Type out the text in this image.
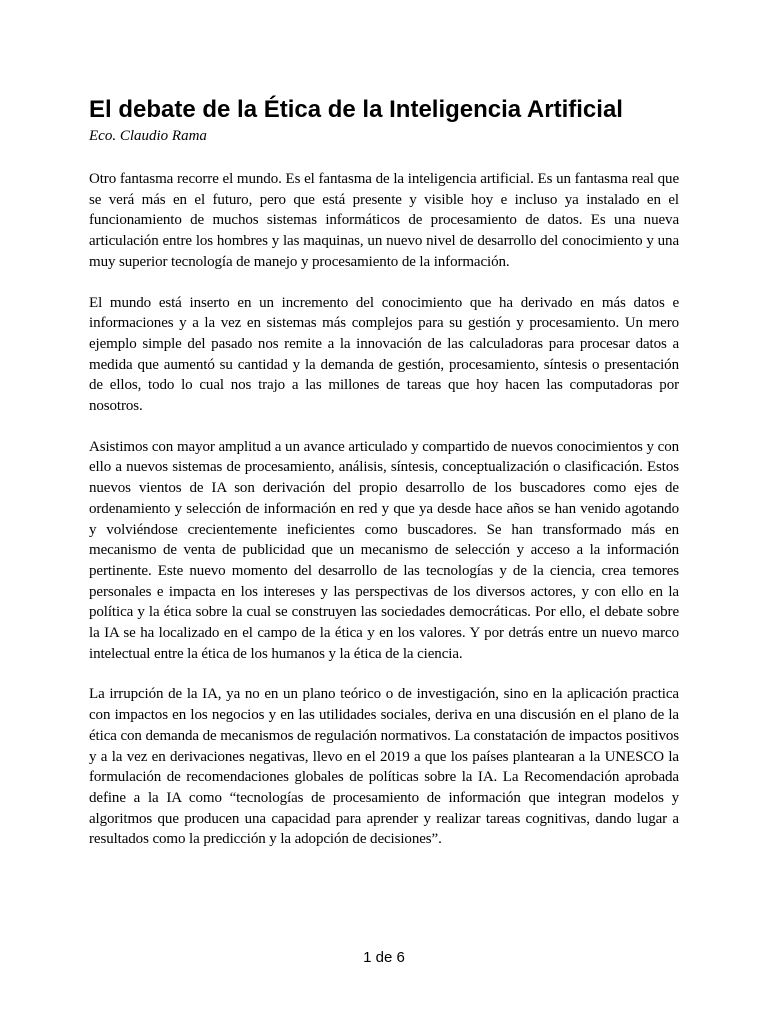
El debate de la Ética de la Inteligencia Artificial

Eco. Claudio Rama

Otro fantasma recorre el mundo. Es el fantasma de la inteligencia artificial. Es un fantasma real que se verá más en el futuro, pero que está presente y visible hoy e incluso ya instalado en el funcionamiento de muchos sistemas informáticos de procesamiento de datos. Es una nueva articulación entre los hombres y las maquinas, un nuevo nivel de desarrollo del conocimiento y una muy superior tecnología de manejo y procesamiento de la información.

El mundo está inserto en un incremento del conocimiento que ha derivado en más datos e informaciones y a la vez en sistemas más complejos para su gestión y procesamiento. Un mero ejemplo simple del pasado nos remite a la innovación de las calculadoras para procesar datos a medida que aumentó su cantidad y la demanda de gestión, procesamiento, síntesis o presentación de ellos, todo lo cual nos trajo a las millones de tareas que hoy hacen las computadoras por nosotros.

Asistimos con mayor amplitud a un avance articulado y compartido de nuevos conocimientos y con ello a nuevos sistemas de procesamiento, análisis, síntesis, conceptualización o clasificación. Estos nuevos vientos de IA son derivación del propio desarrollo de los buscadores como ejes de ordenamiento y selección de información en red y que ya desde hace años se han venido agotando y volviéndose crecientemente ineficientes como buscadores. Se han transformado más en mecanismo de venta de publicidad que un mecanismo de selección y acceso a la información pertinente. Este nuevo momento del desarrollo de las tecnologías y de la ciencia, crea temores personales e impacta en los intereses y las perspectivas de los diversos actores, y con ello en la política y la ética sobre la cual se construyen las sociedades democráticas. Por ello, el debate sobre la IA se ha localizado en el campo de la ética y en los valores. Y por detrás entre un nuevo marco intelectual entre la ética de los humanos y la ética de la ciencia.

La irrupción de la IA, ya no en un plano teórico o de investigación, sino en la aplicación practica con impactos en los negocios y en las utilidades sociales, deriva en una discusión en el plano de la ética con demanda de mecanismos de regulación normativos. La constatación de impactos positivos y a la vez en derivaciones negativas, llevo en el 2019 a que los países plantearan a la UNESCO la formulación de recomendaciones globales de políticas sobre la IA. La Recomendación aprobada define a la IA como “tecnologías de procesamiento de información que integran modelos y algoritmos que producen una capacidad para aprender y realizar tareas cognitivas, dando lugar a resultados como la predicción y la adopción de decisiones”.

1 de 6
